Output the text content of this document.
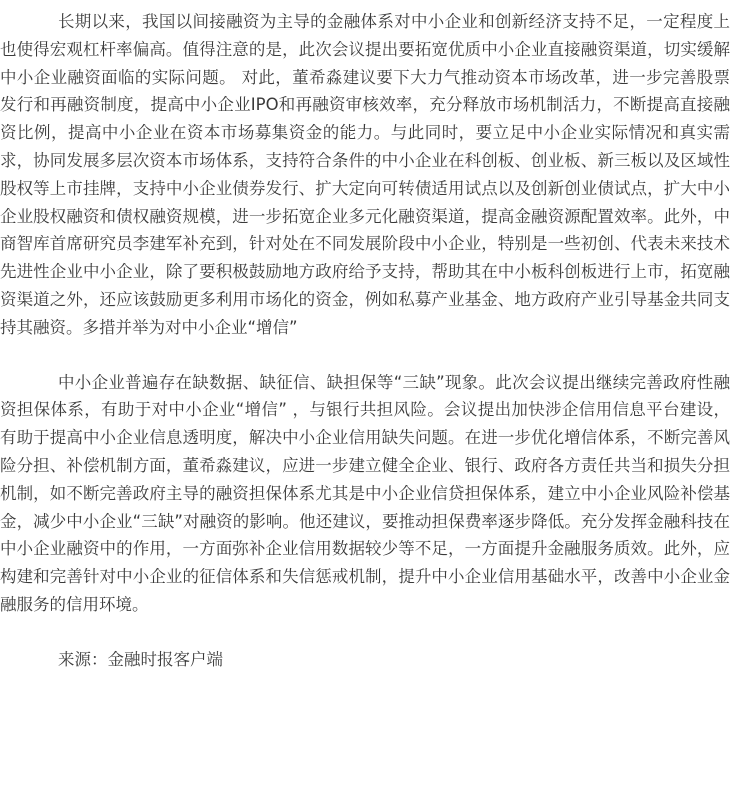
长期以来，我国以间接融资为主导的金融体系对中小企业和创新经济支持不足，一定程度上也使得宏观杠杆率偏高。值得注意的是，此次会议提出要拓宽优质中小企业直接融资渠道，切实缓解中小企业融资面临的实际问题。 对此，董希淼建议要下大力气推动资本市场改革，进一步完善股票发行和再融资制度，提高中小企业IPO和再融资审核效率，充分释放市场机制活力，不断提高直接融资比例，提高中小企业在资本市场募集资金的能力。与此同时，要立足中小企业实际情况和真实需求，协同发展多层次资本市场体系，支持符合条件的中小企业在科创板、创业板、新三板以及区域性股权等上市挂牌，支持中小企业债券发行、扩大定向可转债适用试点以及创新创业债试点，扩大中小企业股权融资和债权融资规模，进一步拓宽企业多元化融资渠道，提高金融资源配置效率。此外，中商智库首席研究员李建军补充到，针对处在不同发展阶段中小企业，特别是一些初创、代表未来技术先进性企业中小企业，除了要积极鼓励地方政府给予支持，帮助其在中小板科创板进行上市，拓宽融资渠道之外，还应该鼓励更多利用市场化的资金，例如私募产业基金、地方政府产业引导基金共同支持其融资。多措并举为对中小企业“增信”

中小企业普遍存在缺数据、缺征信、缺担保等“三缺”现象。此次会议提出继续完善政府性融资担保体系，有助于对中小企业“增信” ，与银行共担风险。会议提出加快涉企信用信息平台建设，有助于提高中小企业信息透明度，解决中小企业信用缺失问题。在进一步优化增信体系，不断完善风险分担、补偿机制方面，董希淼建议，应进一步建立健全企业、银行、政府各方责任共当和损失分担机制，如不断完善政府主导的融资担保体系尤其是中小企业信贷担保体系，建立中小企业风险补偿基金，减少中小企业“三缺”对融资的影响。他还建议，要推动担保费率逐步降低。充分发挥金融科技在中小企业融资中的作用，一方面弥补企业信用数据较少等不足，一方面提升金融服务质效。此外，应构建和完善针对中小企业的征信体系和失信惩戒机制，提升中小企业信用基础水平，改善中小企业金融服务的信用环境。

来源：金融时报客户端
